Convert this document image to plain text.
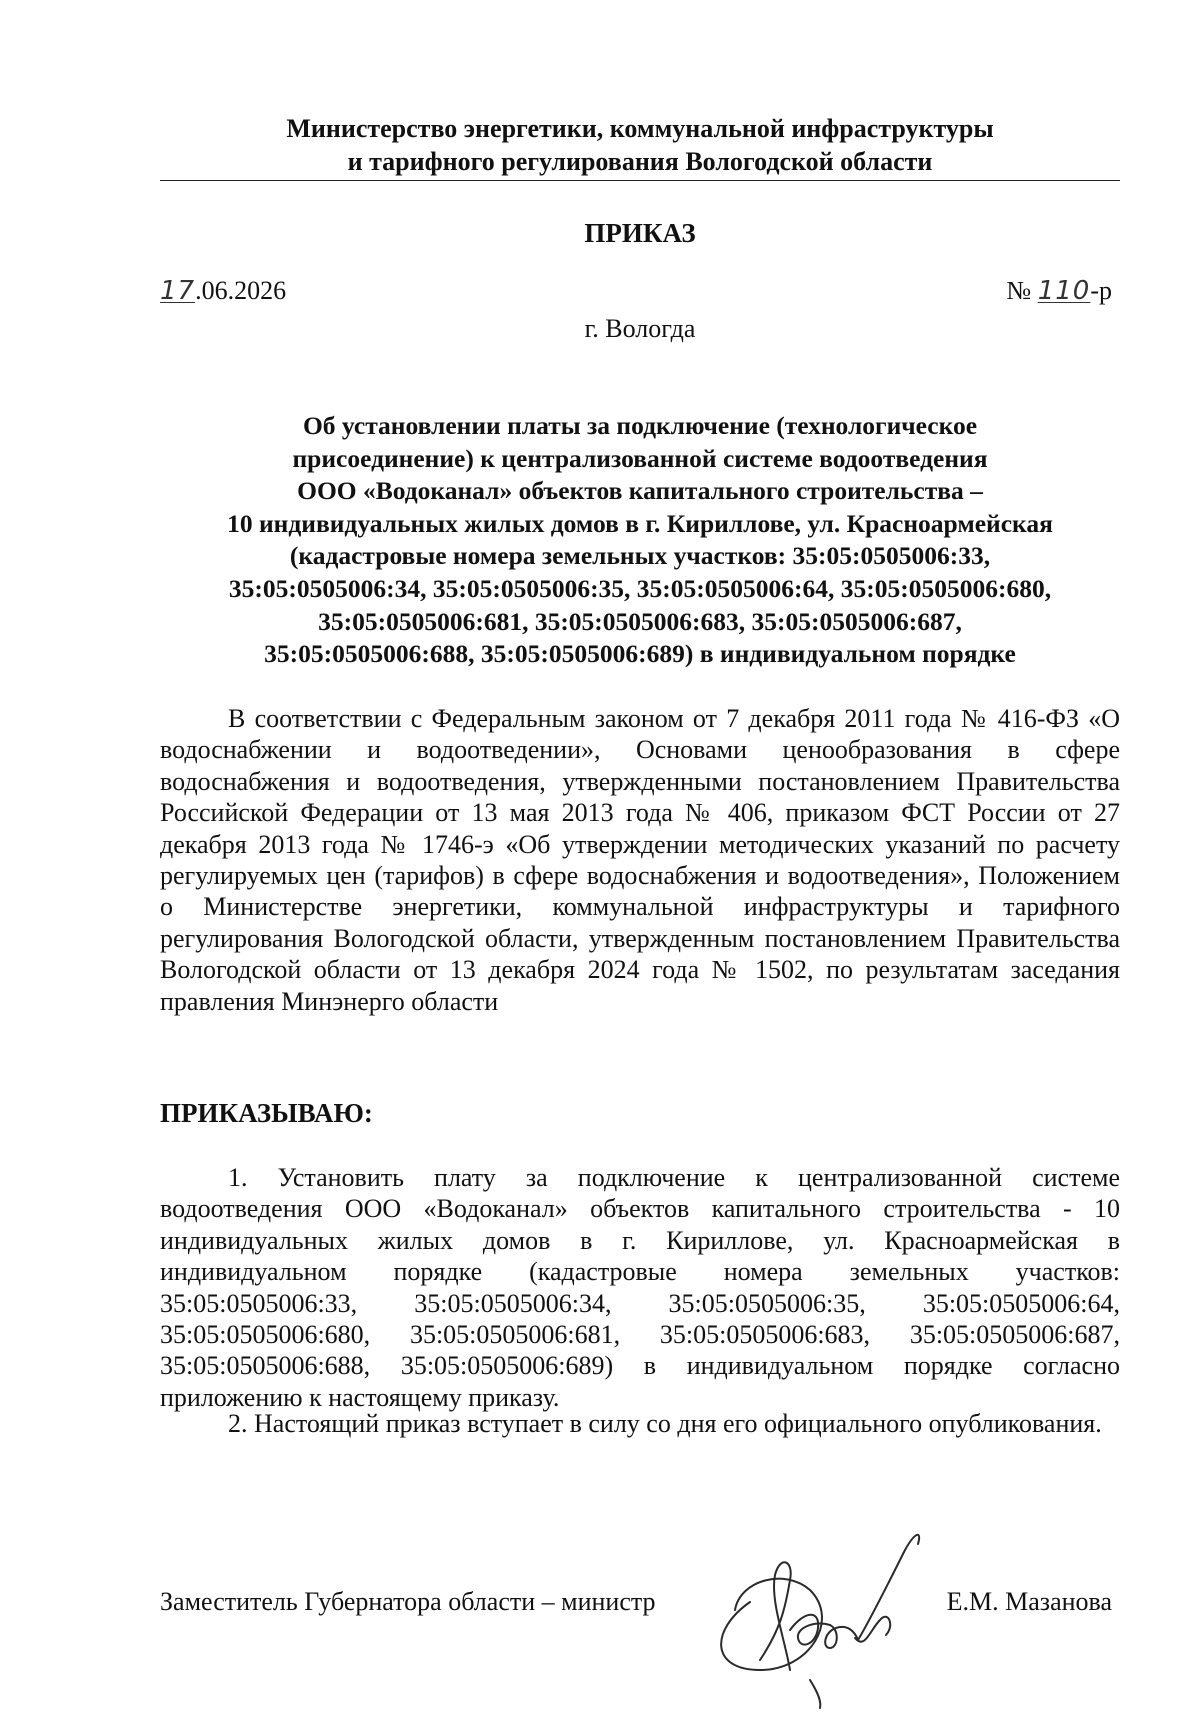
Министерство энергетики, коммунальной инфраструктуры
и тарифного регулирования Вологодской области
ПРИКАЗ
17.06.2026	№ 110-р
г. Вологда
Об установлении платы за подключение (технологическое
присоединение) к централизованной системе водоотведения
ООО «Водоканал» объектов капитального строительства –
10 индивидуальных жилых домов в г. Кириллове, ул. Красноармейская
(кадастровые номера земельных участков: 35:05:0505006:33,
35:05:0505006:34, 35:05:0505006:35, 35:05:0505006:64, 35:05:0505006:680,
35:05:0505006:681, 35:05:0505006:683, 35:05:0505006:687,
35:05:0505006:688, 35:05:0505006:689) в индивидуальном порядке
В соответствии с Федеральным законом от 7 декабря 2011 года № 416-ФЗ «О водоснабжении и водоотведении», Основами ценообразования в сфере водоснабжения и водоотведения, утвержденными постановлением Правительства Российской Федерации от 13 мая 2013 года № 406, приказом ФСТ России от 27 декабря 2013 года № 1746-э «Об утверждении методических указаний по расчету регулируемых цен (тарифов) в сфере водоснабжения и водоотведения», Положением о Министерстве энергетики, коммунальной инфраструктуры и тарифного регулирования Вологодской области, утвержденным постановлением Правительства Вологодской области от 13 декабря 2024 года № 1502, по результатам заседания правления Минэнерго области
ПРИКАЗЫВАЮ:
1. Установить плату за подключение к централизованной системе водоотведения ООО «Водоканал» объектов капитального строительства - 10 индивидуальных жилых домов в г. Кириллове, ул. Красноармейская в индивидуальном порядке (кадастровые номера земельных участков: 35:05:0505006:33, 35:05:0505006:34, 35:05:0505006:35, 35:05:0505006:64, 35:05:0505006:680, 35:05:0505006:681, 35:05:0505006:683, 35:05:0505006:687, 35:05:0505006:688, 35:05:0505006:689) в индивидуальном порядке согласно приложению к настоящему приказу.
2. Настоящий приказ вступает в силу со дня его официального опубликования.
Заместитель Губернатора области – министр	Е.М. Мазанова
